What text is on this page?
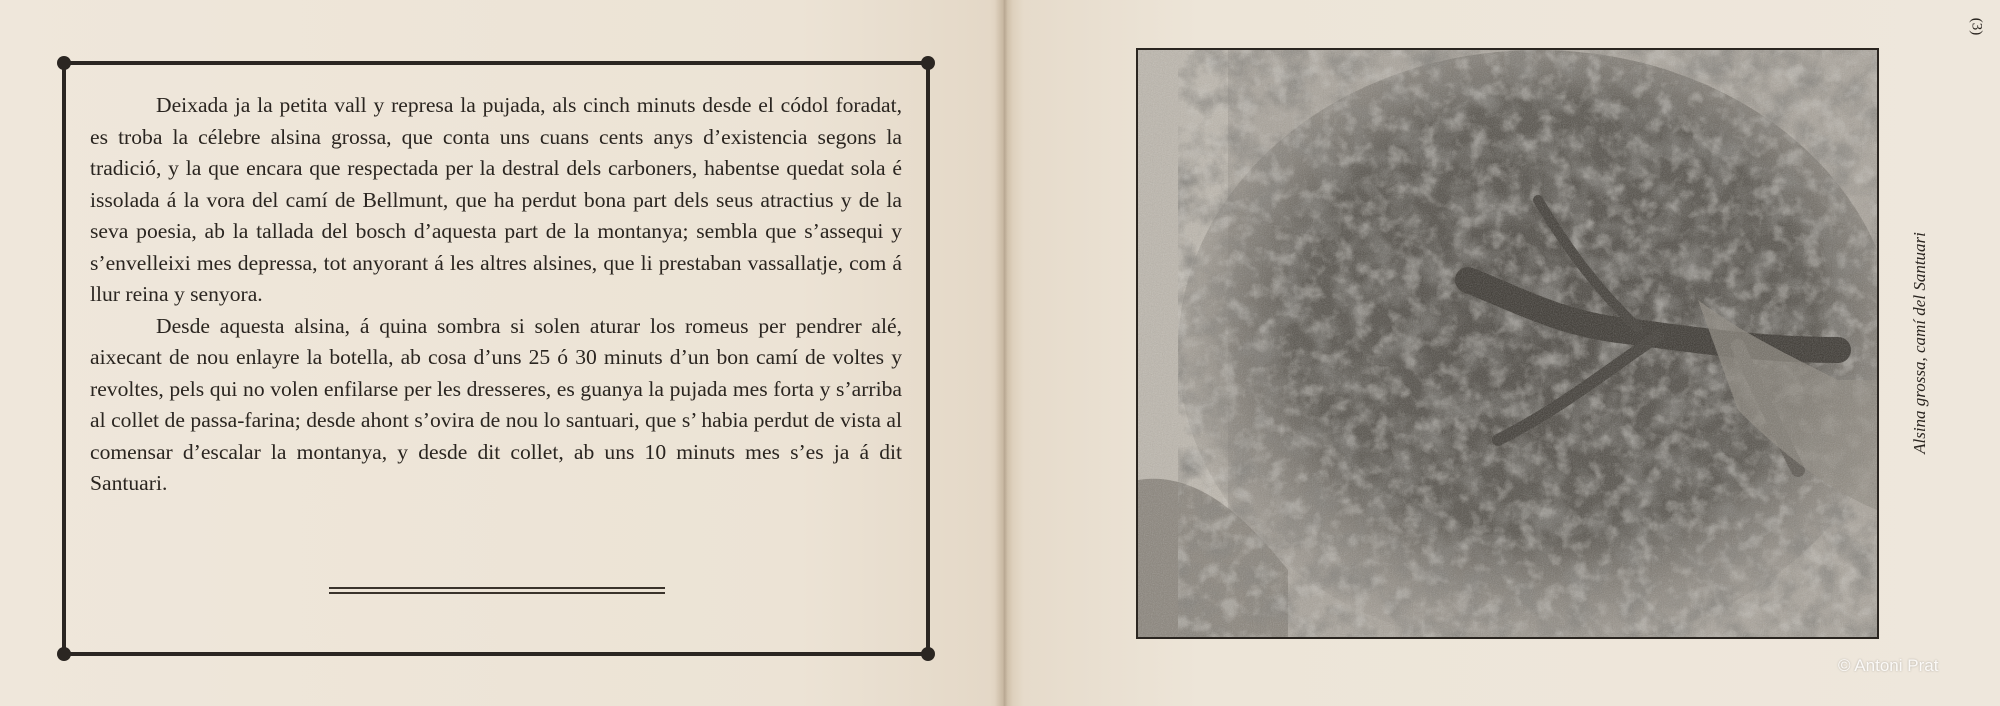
Deixada ja la petita vall y represa la pujada, als cinch minuts desde el códol foradat, es troba la célebre alsina grossa, que conta uns cuans cents anys d’existencia segons la tradició, y la que encara que respectada per la destral dels carboners, habentse quedat sola é issolada á la vora del camí de Bellmunt, que ha perdut bona part dels seus atractius y de la seva poesia, ab la tallada del bosch d’aquesta part de la montanya; sembla que s’assequi y s’envelleixi mes depressa, tot anyorant á les altres alsines, que li prestaban vassallatje, com á llur reina y senyora.

Desde aquesta alsina, á quina sombra si solen aturar los romeus per pendrer alé, aixecant de nou enlayre la botella, ab cosa d’uns 25 ó 30 minuts d’un bon camí de voltes y revoltes, pels qui no volen enfilarse per les dresseres, es guanya la pujada mes forta y s’arriba al collet de passa-farina; desde ahont s’ovira de nou lo santuari, que s’ habia perdut de vista al comensar d’escalar la montanya, y desde dit collet, ab uns 10 minuts mes s’es ja á dit Santuari.

Alsina grossa, camí del Santuari
(3)
© Antoni Prat
